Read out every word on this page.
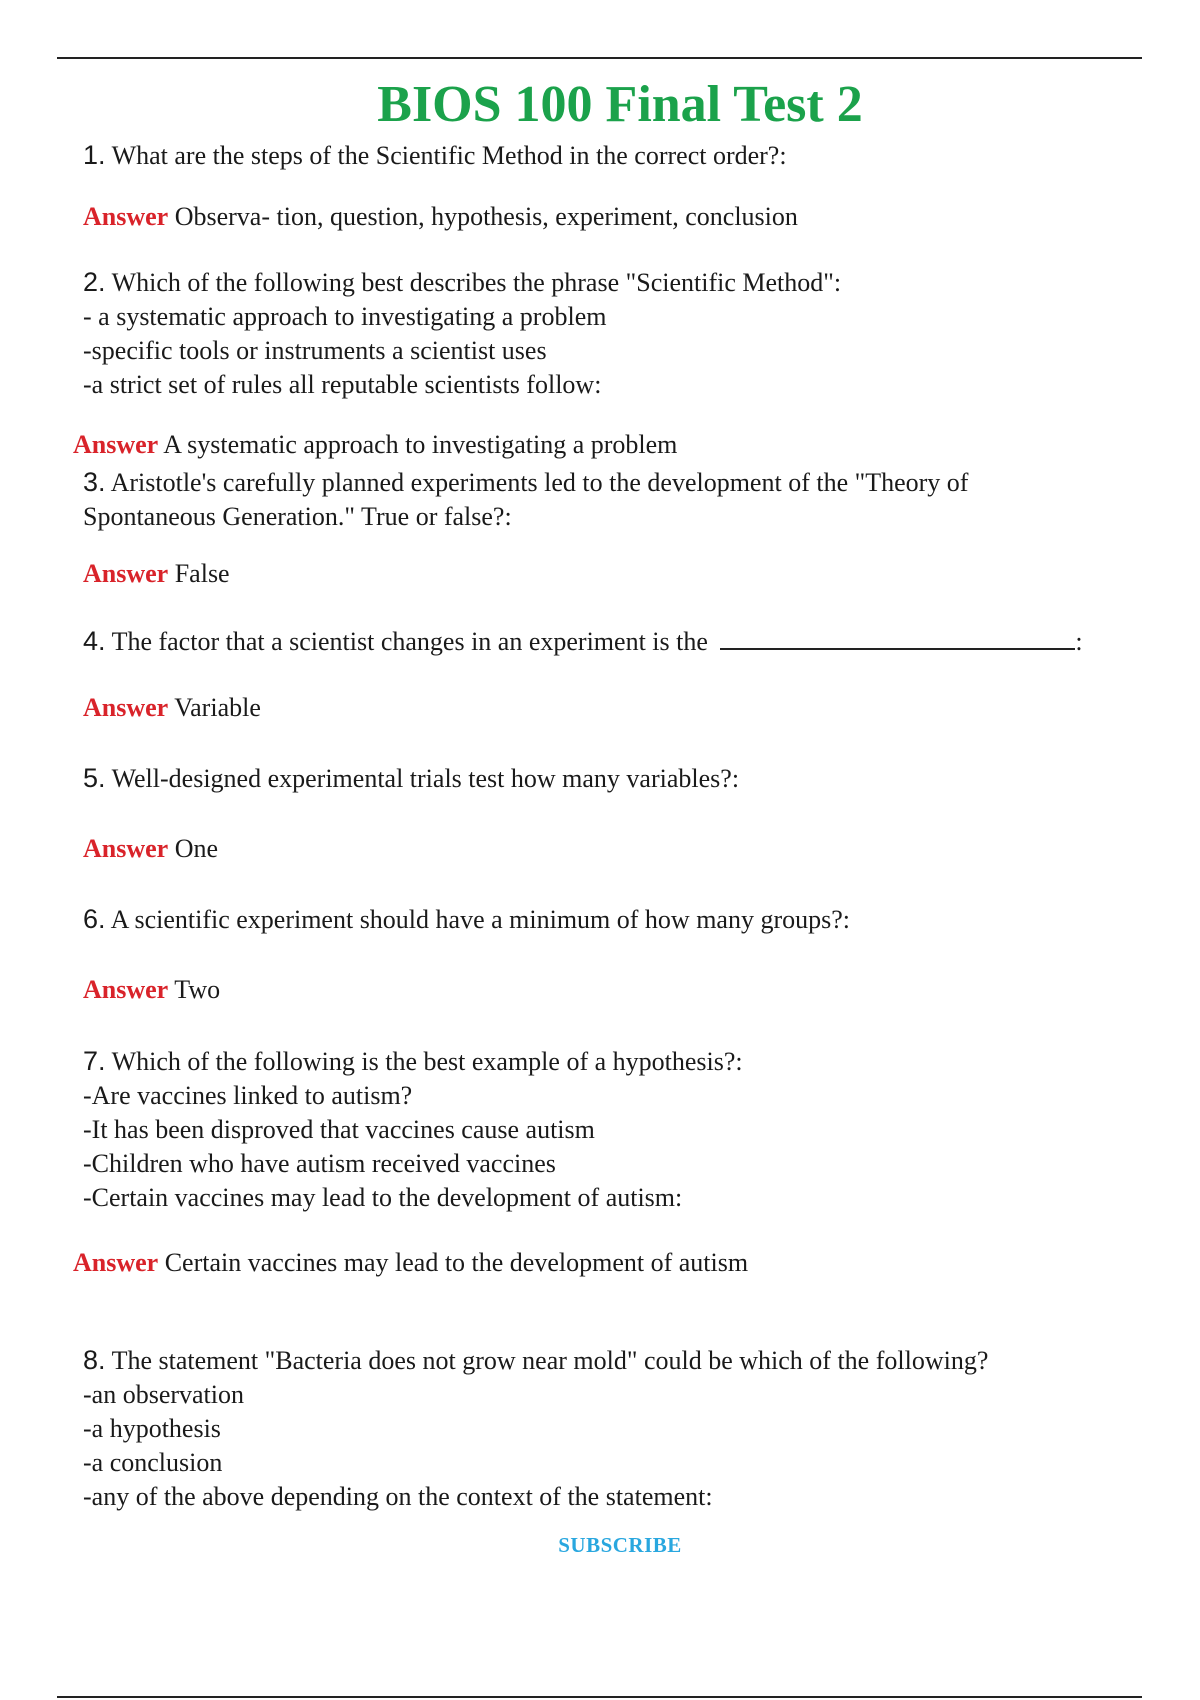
BIOS 100 Final Test 2
1. What are the steps of the Scientific Method in the correct order?:
Answer Observa- tion, question, hypothesis, experiment, conclusion
2. Which of the following best describes the phrase "Scientific Method":
- a systematic approach to investigating a problem
-specific tools or instruments a scientist uses
-a strict set of rules all reputable scientists follow:
Answer A systematic approach to investigating a problem
3. Aristotle's carefully planned experiments led to the development of the "Theory of
Spontaneous Generation." True or false?:
Answer False
4. The factor that a scientist changes in an experiment is the	:
Answer Variable
5. Well-designed experimental trials test how many variables?:
Answer One
6. A scientific experiment should have a minimum of how many groups?:
Answer Two
7. Which of the following is the best example of a hypothesis?:
-Are vaccines linked to autism?
-It has been disproved that vaccines cause autism
-Children who have autism received vaccines
-Certain vaccines may lead to the development of autism:
Answer Certain vaccines may lead to the development of autism
8. The statement "Bacteria does not grow near mold" could be which of the following?
-an observation
-a hypothesis
-a conclusion
-any of the above depending on the context of the statement:
SUBSCRIBE
